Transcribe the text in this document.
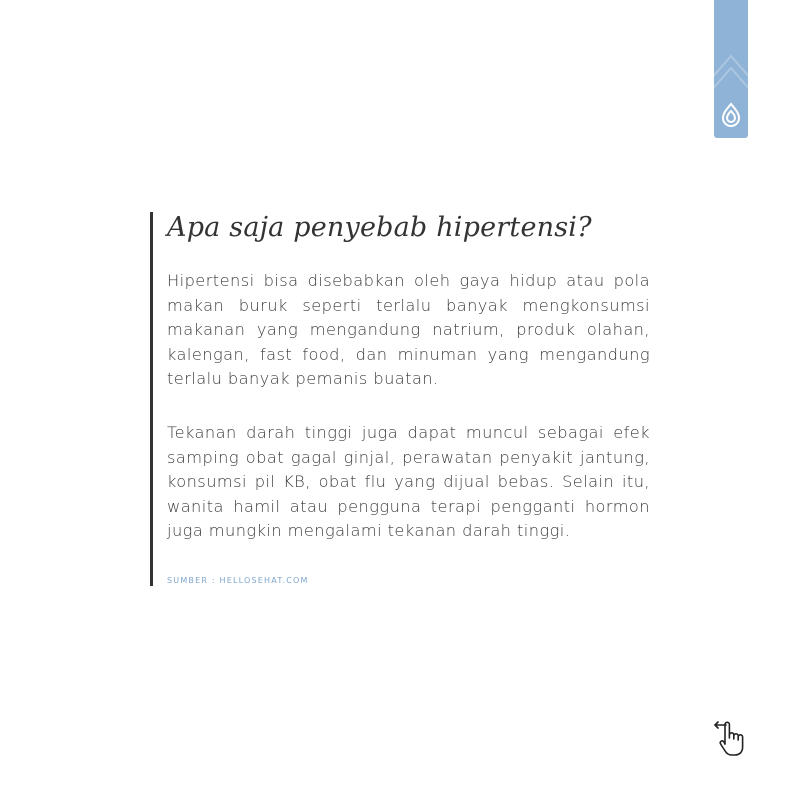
Apa saja penyebab hipertensi?

Hipertensi bisa disebabkan oleh gaya hidup atau pola makan buruk seperti terlalu banyak mengkonsumsi makanan yang mengandung natrium, produk olahan, kalengan, fast food, dan minuman yang mengandung terlalu banyak pemanis buatan.

Tekanan darah tinggi juga dapat muncul sebagai efek samping obat gagal ginjal, perawatan penyakit jantung, konsumsi pil KB, obat flu yang dijual bebas. Selain itu, wanita hamil atau pengguna terapi pengganti hormon juga mungkin mengalami tekanan darah tinggi.

SUMBER : HELLOSEHAT.COM
